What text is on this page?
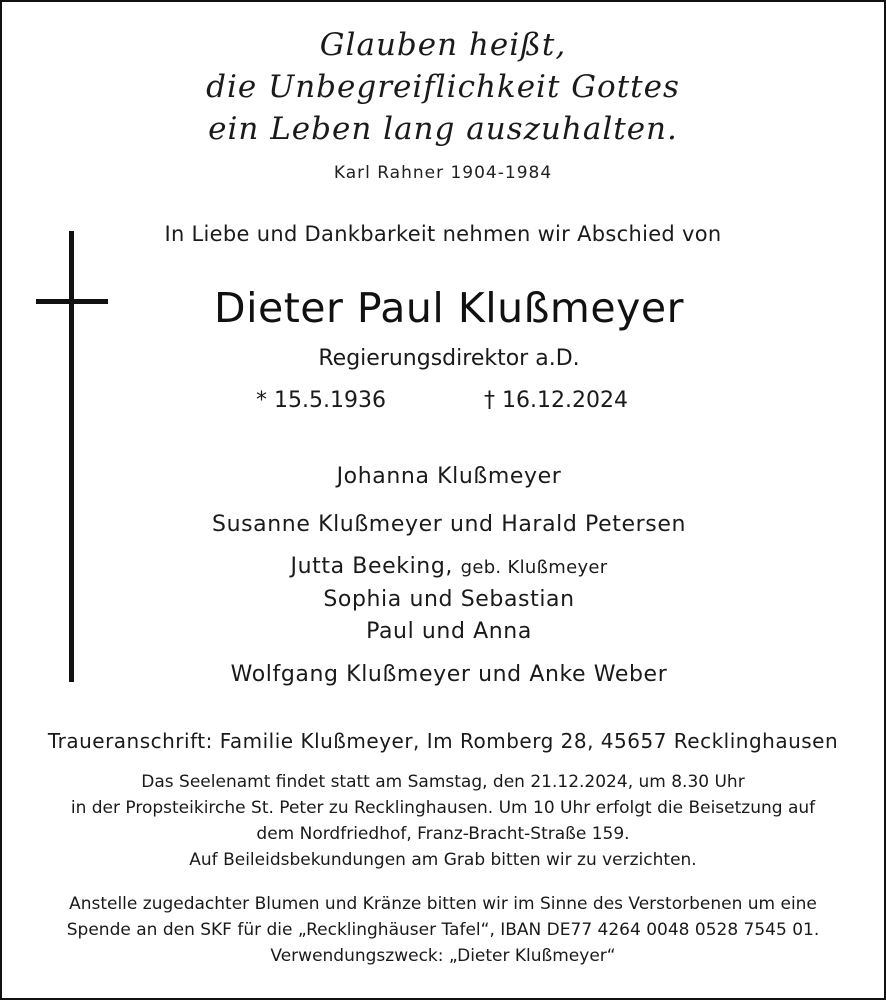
Glauben heißt,
die Unbegreiflichkeit Gottes
ein Leben lang auszuhalten.
Karl Rahner 1904-1984
In Liebe und Dankbarkeit nehmen wir Abschied von
Dieter Paul Klußmeyer
Regierungsdirektor a.D.
* 15.5.1936	† 16.12.2024
Johanna Klußmeyer
Susanne Klußmeyer und Harald Petersen
Jutta Beeking, geb. Klußmeyer
Sophia und Sebastian
Paul und Anna
Wolfgang Klußmeyer und Anke Weber
Traueranschrift: Familie Klußmeyer, Im Romberg 28, 45657 Recklinghausen
Das Seelenamt findet statt am Samstag, den 21.12.2024, um 8.30 Uhr
in der Propsteikirche St. Peter zu Recklinghausen. Um 10 Uhr erfolgt die Beisetzung auf
dem Nordfriedhof, Franz-Bracht-Straße 159.
Auf Beileidsbekundungen am Grab bitten wir zu verzichten.
Anstelle zugedachter Blumen und Kränze bitten wir im Sinne des Verstorbenen um eine
Spende an den SKF für die „Recklinghäuser Tafel“, IBAN DE77 4264 0048 0528 7545 01.
Verwendungszweck: „Dieter Klußmeyer“
